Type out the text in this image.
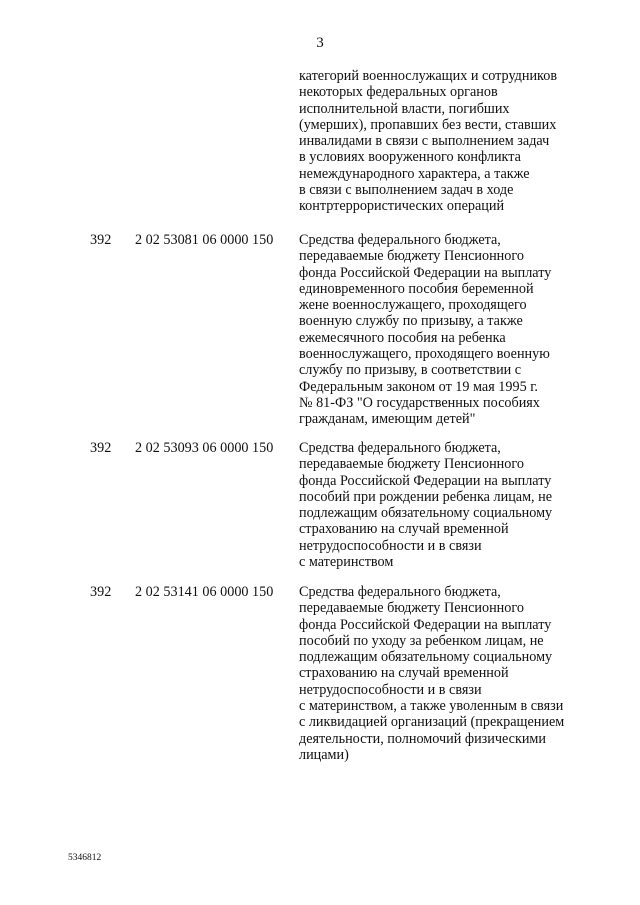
3
категорий военнослужащих и сотрудников
некоторых федеральных органов
исполнительной власти, погибших
(умерших), пропавших без вести, ставших
инвалидами в связи с выполнением задач
в условиях вооруженного конфликта
немеждународного характера, а также
в связи с выполнением задач в ходе
контртеррористических операций
392 2 02 53081 06 0000 150 Средства федерального бюджета,
передаваемые бюджету Пенсионного
фонда Российской Федерации на выплату
единовременного пособия беременной
жене военнослужащего, проходящего
военную службу по призыву, а также
ежемесячного пособия на ребенка
военнослужащего, проходящего военную
службу по призыву, в соответствии с
Федеральным законом от 19 мая 1995 г.
№ 81-ФЗ "О государственных пособиях
гражданам, имеющим детей"
392 2 02 53093 06 0000 150 Средства федерального бюджета,
передаваемые бюджету Пенсионного
фонда Российской Федерации на выплату
пособий при рождении ребенка лицам, не
подлежащим обязательному социальному
страхованию на случай временной
нетрудоспособности и в связи
с материнством
392 2 02 53141 06 0000 150 Средства федерального бюджета,
передаваемые бюджету Пенсионного
фонда Российской Федерации на выплату
пособий по уходу за ребенком лицам, не
подлежащим обязательному социальному
страхованию на случай временной
нетрудоспособности и в связи
с материнством, а также уволенным в связи
с ликвидацией организаций (прекращением
деятельности, полномочий физическими
лицами)
5346812
